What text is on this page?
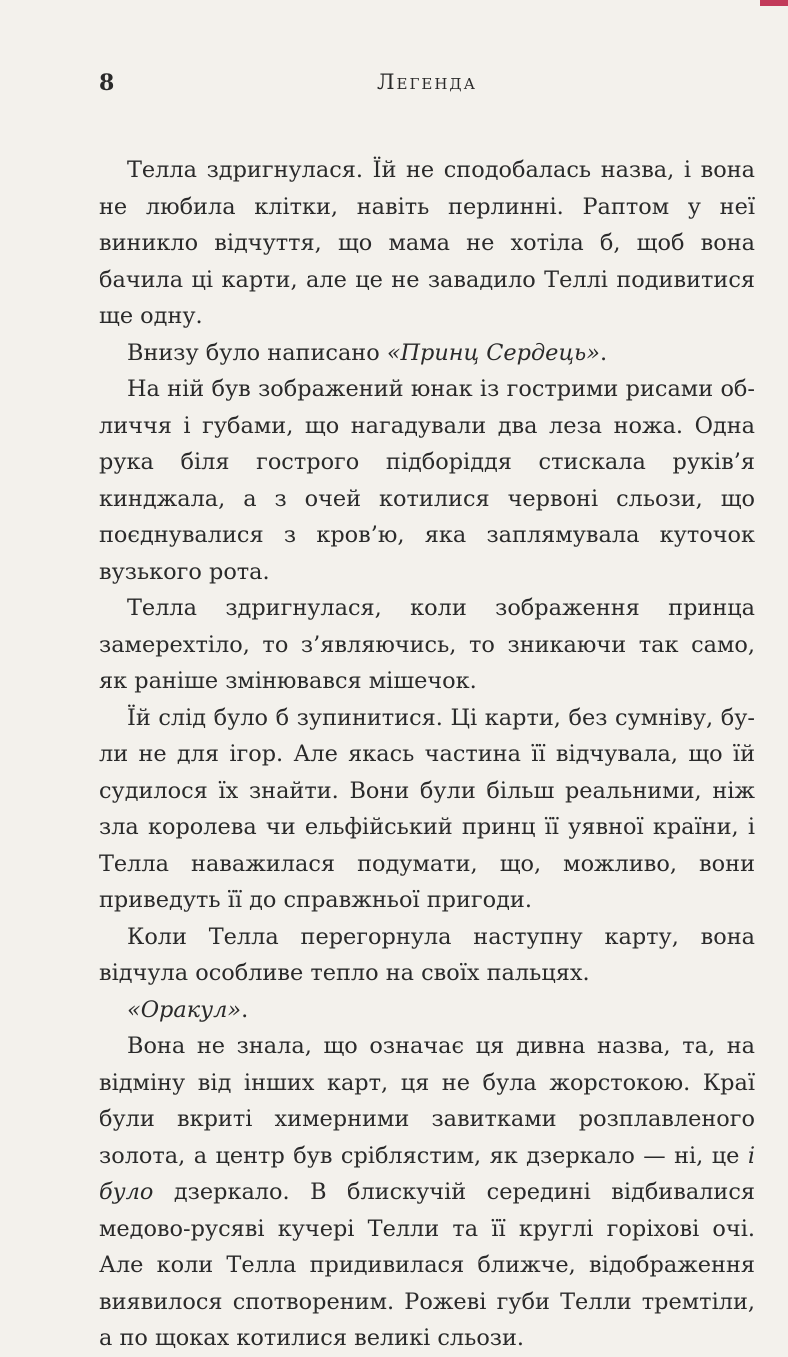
8	Легенда

Телла здригнулася. Їй не сподобалась назва, і вона не любила клітки, навіть перлинні. Раптом у неї виникло відчуття, що мама не хотіла б, щоб вона бачила ці карти, але це не завадило Теллі подивитися ще одну.

Внизу було написано «Принц Сердець».

На ній був зображений юнак із гострими рисами обличчя і губами, що нагадували два леза ножа. Одна рука біля гострого підборіддя стискала руків’я кинджала, а з очей котилися червоні сльози, що поєднувалися з кров’ю, яка заплямувала куточок вузького рота.

Телла здригнулася, коли зображення принца замерехтіло, то з’являючись, то зникаючи так само, як раніше змінювався мішечок.

Їй слід було б зупинитися. Ці карти, без сумніву, були не для ігор. Але якась частина її відчувала, що їй судилося їх знайти. Вони були більш реальними, ніж зла королева чи ельфійський принц її уявної країни, і Телла наважилася подумати, що, можливо, вони приведуть її до справжньої пригоди.

Коли Телла перегорнула наступну карту, вона відчула особливе тепло на своїх пальцях.

«Оракул».

Вона не знала, що означає ця дивна назва, та, на відміну від інших карт, ця не була жорстокою. Краї були вкриті химерними завитками розплавленого золота, а центр був сріблястим, як дзеркало — ні, це і було дзеркало. В блискучій середині відбивалися медово-русяві кучері Телли та її круглі горіхові очі. Але коли Телла придивилася ближче, відображення виявилося спотвореним. Рожеві губи Телли тремтіли, а по щоках котилися великі сльози.
